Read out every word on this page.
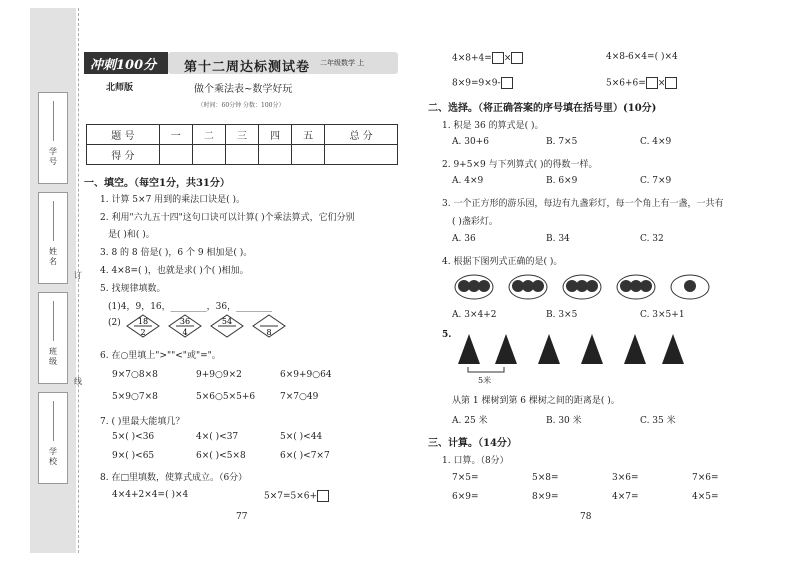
学号
姓名
班级
学校
订
线
冲刺100分
北师版
第十二周达标测试卷 二年级数学 上
做个乘法表~数学好玩
（时间：60分钟 分数：100分）
题 号	一	二	三	四	五	总 分
得 分						
一、填空。（每空1分，共31分）
1. 计算 5×7 用到的乘法口诀是( )。
2. 利用"六九五十四"这句口诀可以计算( )个乘法算式，它们分别
是( )和( )。
3. 8 的 8 倍是( )，6 个 9 相加是( )。
4. 4×8=( )，也就是求( )个( )相加。
5. 找规律填数。
(1)4，9，16，________，36，________
(2) 18
2
36
4
54
8
6. 在○里填上">""<"或"="。
9×7○8×8	9+9○9×2	6×9+9○64
5×9○7×8	5×6○5×5+6	7×7○49
7. ( )里最大能填几？
5×( )<36	4×( )<37	5×( )<44
9×( )<65	6×( )<5×8	6×( )<7×7
8. 在□里填数，使算式成立。（6分）
4×4+2×4=( )×4	5×7=5×6+
77
4×8+4= ×	4×8-6×4=( )×4
8×9=9×9-	5×6+6= ×
二、选择。（将正确答案的序号填在括号里）(10分)
1. 积是 36 的算式是( )。
A. 30+6	B. 7×5	C. 4×9
2. 9+5×9 与下列算式( )的得数一样。
A. 4×9	B. 6×9	C. 7×9
3. 一个正方形的游乐园，每边有九盏彩灯，每一个角上有一盏，一共有
( )盏彩灯。
A. 36	B. 34	C. 32
4. 根据下图列式正确的是( )。
A. 3×4+2	B. 3×5	C. 3×5+1
5.
5米
从第 1 棵树到第 6 棵树之间的距离是( )。
A. 25 米	B. 30 米	C. 35 米
三、计算。（14分）
1. 口算。（8分）
7×5=	5×8=	3×6=	7×6=
6×9=	8×9=	4×7=	4×5=
78
